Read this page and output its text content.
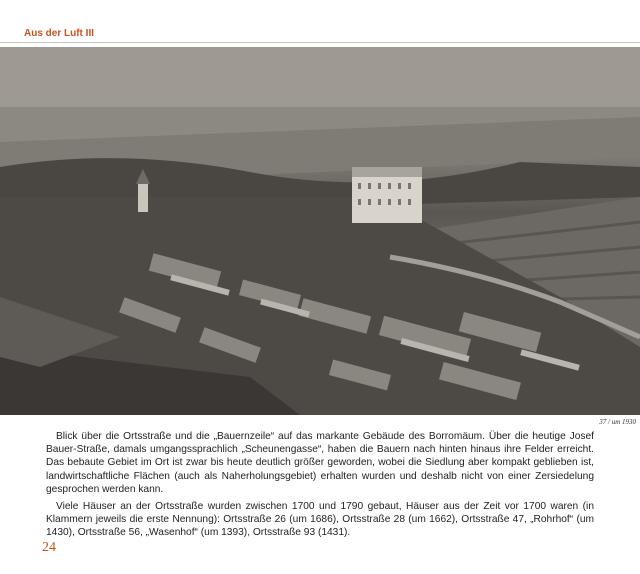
Aus der Luft III
37 / um 1930

Blick über die Ortsstraße und die „Bauernzeile“ auf das markante Gebäude des Borromäum. Über die heutige Josef Bauer-Straße, damals umgangssprachlich „Scheunengasse“, haben die Bauern nach hinten hinaus ihre Felder erreicht. Das bebaute Gebiet im Ort ist zwar bis heute deutlich größer geworden, wobei die Siedlung aber kompakt geblieben ist, landwirtschaftliche Flächen (auch als Naherholungsgebiet) erhalten wurden und deshalb nicht von einer Zersiedelung gesprochen werden kann.

Viele Häuser an der Ortsstraße wurden zwischen 1700 und 1790 gebaut, Häuser aus der Zeit vor 1700 waren (in Klammern jeweils die erste Nennung): Ortsstraße 26 (um 1686), Ortsstraße 28 (um 1662), Ortsstraße 47, „Rohrhof“ (um 1430), Ortsstraße 56, „Wasenhof“ (um 1393), Ortsstraße 93 (1431).

24
